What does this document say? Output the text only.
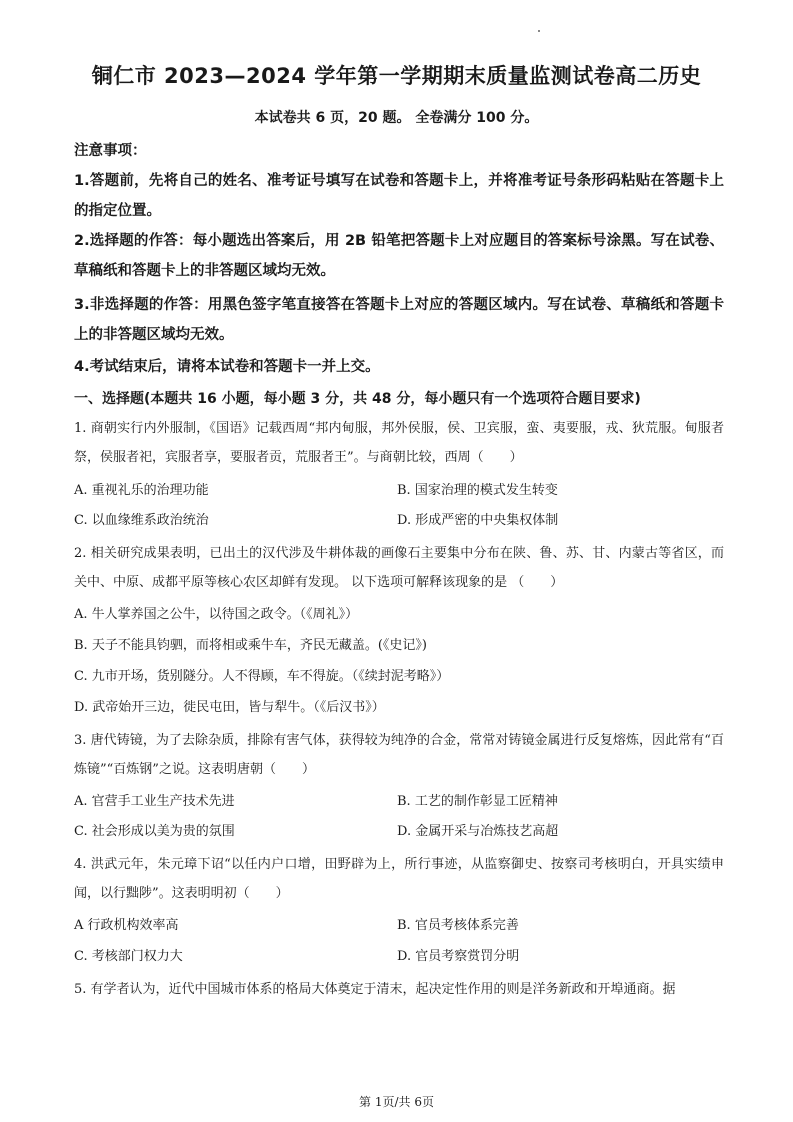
铜仁市 2023—2024 学年第一学期期末质量监测试卷高二历史
本试卷共 6 页，20 题。 全卷满分 100 分。
注意事项：
1.答题前，先将自己的姓名、准考证号填写在试卷和答题卡上，并将准考证号条形码粘贴在答题卡上的指定位置。
2.选择题的作答：每小题选出答案后，用 2B 铅笔把答题卡上对应题目的答案标号涂黑。写在试卷、草稿纸和答题卡上的非答题区域均无效。
3.非选择题的作答：用黑色签字笔直接答在答题卡上对应的答题区域内。写在试卷、草稿纸和答题卡上的非答题区域均无效。
4.考试结束后，请将本试卷和答题卡一并上交。
一、选择题(本题共 16 小题，每小题 3 分，共 48 分，每小题只有一个选项符合题目要求)
1. 商朝实行内外服制，《国语》记载西周“邦内甸服，邦外侯服，侯、卫宾服，蛮、夷要服，戎、狄荒服。甸服者祭，侯服者祀，宾服者享，要服者贡，荒服者王”。与商朝比较，西周（　　）
A. 重视礼乐的治理功能	B. 国家治理的模式发生转变
C. 以血缘维系政治统治	D. 形成严密的中央集权体制
2. 相关研究成果表明，已出土的汉代涉及牛耕体裁的画像石主要集中分布在陕、鲁、苏、甘、内蒙古等省区，而关中、中原、成都平原等核心农区却鲜有发现。 以下选项可解释该现象的是 （　　）
A. 牛人掌养国之公牛，以待国之政令。（《周礼》）
B. 天子不能具钧驷，而将相或乘牛车，齐民无藏盖。(《史记》)
C. 九市开场，货别隧分。人不得顾，车不得旋。（《续封泥考略》）
D. 武帝始开三边，徙民屯田，皆与犁牛。（《后汉书》）
3. 唐代铸镜，为了去除杂质，排除有害气体，获得较为纯净的合金，常常对铸镜金属进行反复熔炼，因此常有“百炼镜”“百炼钢”之说。这表明唐朝（　　）
A. 官营手工业生产技术先进	B. 工艺的制作彰显工匠精神
C. 社会形成以美为贵的氛围	D. 金属开采与冶炼技艺高超
4. 洪武元年，朱元璋下诏“以任内户口增，田野辟为上，所行事迹，从监察御史、按察司考核明白，开具实绩申闻，以行黜陟”。这表明明初（　　）
A 行政机构效率高	B. 官员考核体系完善
C. 考核部门权力大	D. 官员考察赏罚分明
5. 有学者认为，近代中国城市体系的格局大体奠定于清末，起决定性作用的则是洋务新政和开埠通商。据
第 1页/共 6页
